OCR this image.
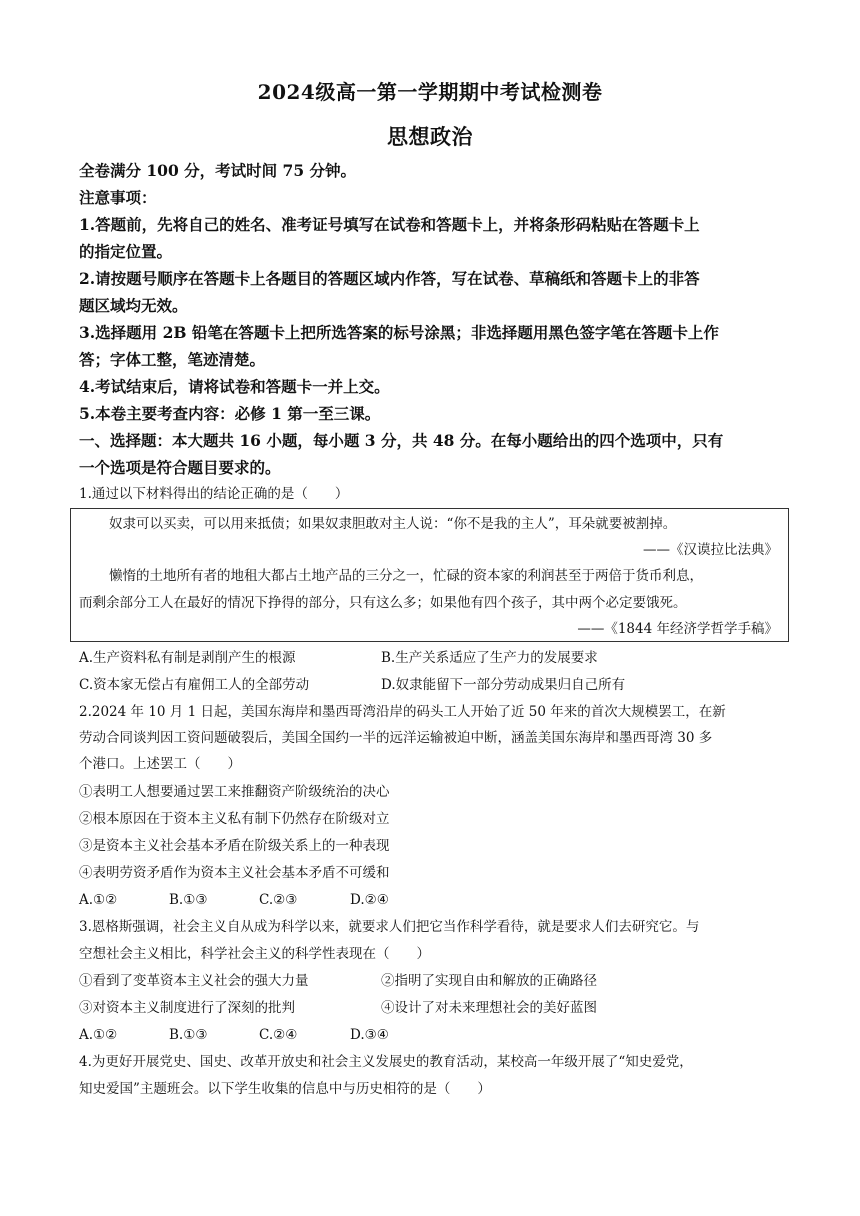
2024级高一第一学期期中考试检测卷
思想政治
全卷满分 100 分，考试时间 75 分钟。
注意事项：
1.答题前，先将自己的姓名、准考证号填写在试卷和答题卡上，并将条形码粘贴在答题卡上
的指定位置。
2.请按题号顺序在答题卡上各题目的答题区域内作答，写在试卷、草稿纸和答题卡上的非答
题区域均无效。
3.选择题用 2B 铅笔在答题卡上把所选答案的标号涂黑；非选择题用黑色签字笔在答题卡上作
答；字体工整，笔迹清楚。
4.考试结束后，请将试卷和答题卡一并上交。
5.本卷主要考查内容：必修 1 第一至三课。
一、选择题：本大题共 16 小题，每小题 3 分，共 48 分。在每小题给出的四个选项中，只有
一个选项是符合题目要求的。
1.通过以下材料得出的结论正确的是（　　）
奴隶可以买卖，可以用来抵债；如果奴隶胆敢对主人说：“你不是我的主人”，耳朵就要被割掉。
——《汉谟拉比法典》
懒惰的土地所有者的地租大都占土地产品的三分之一，忙碌的资本家的利润甚至于两倍于货币利息，
而剩余部分工人在最好的情况下挣得的部分，只有这么多；如果他有四个孩子，其中两个必定要饿死。
——《1844 年经济学哲学手稿》
A.生产资料私有制是剥削产生的根源	B.生产关系适应了生产力的发展要求
C.资本家无偿占有雇佣工人的全部劳动	D.奴隶能留下一部分劳动成果归自己所有
2.2024 年 10 月 1 日起，美国东海岸和墨西哥湾沿岸的码头工人开始了近 50 年来的首次大规模罢工，在新
劳动合同谈判因工资问题破裂后，美国全国约一半的远洋运输被迫中断，涵盖美国东海岸和墨西哥湾 30 多
个港口。上述罢工（　　）
①表明工人想要通过罢工来推翻资产阶级统治的决心
②根本原因在于资本主义私有制下仍然存在阶级对立
③是资本主义社会基本矛盾在阶级关系上的一种表现
④表明劳资矛盾作为资本主义社会基本矛盾不可缓和
A.①②	B.①③	C.②③	D.②④
3.恩格斯强调，社会主义自从成为科学以来，就要求人们把它当作科学看待，就是要求人们去研究它。与
空想社会主义相比，科学社会主义的科学性表现在（　　）
①看到了变革资本主义社会的强大力量	②指明了实现自由和解放的正确路径
③对资本主义制度进行了深刻的批判	④设计了对未来理想社会的美好蓝图
A.①②	B.①③	C.②④	D.③④
4.为更好开展党史、国史、改革开放史和社会主义发展史的教育活动，某校高一年级开展了“知史爱党，
知史爱国”主题班会。以下学生收集的信息中与历史相符的是（　　）
